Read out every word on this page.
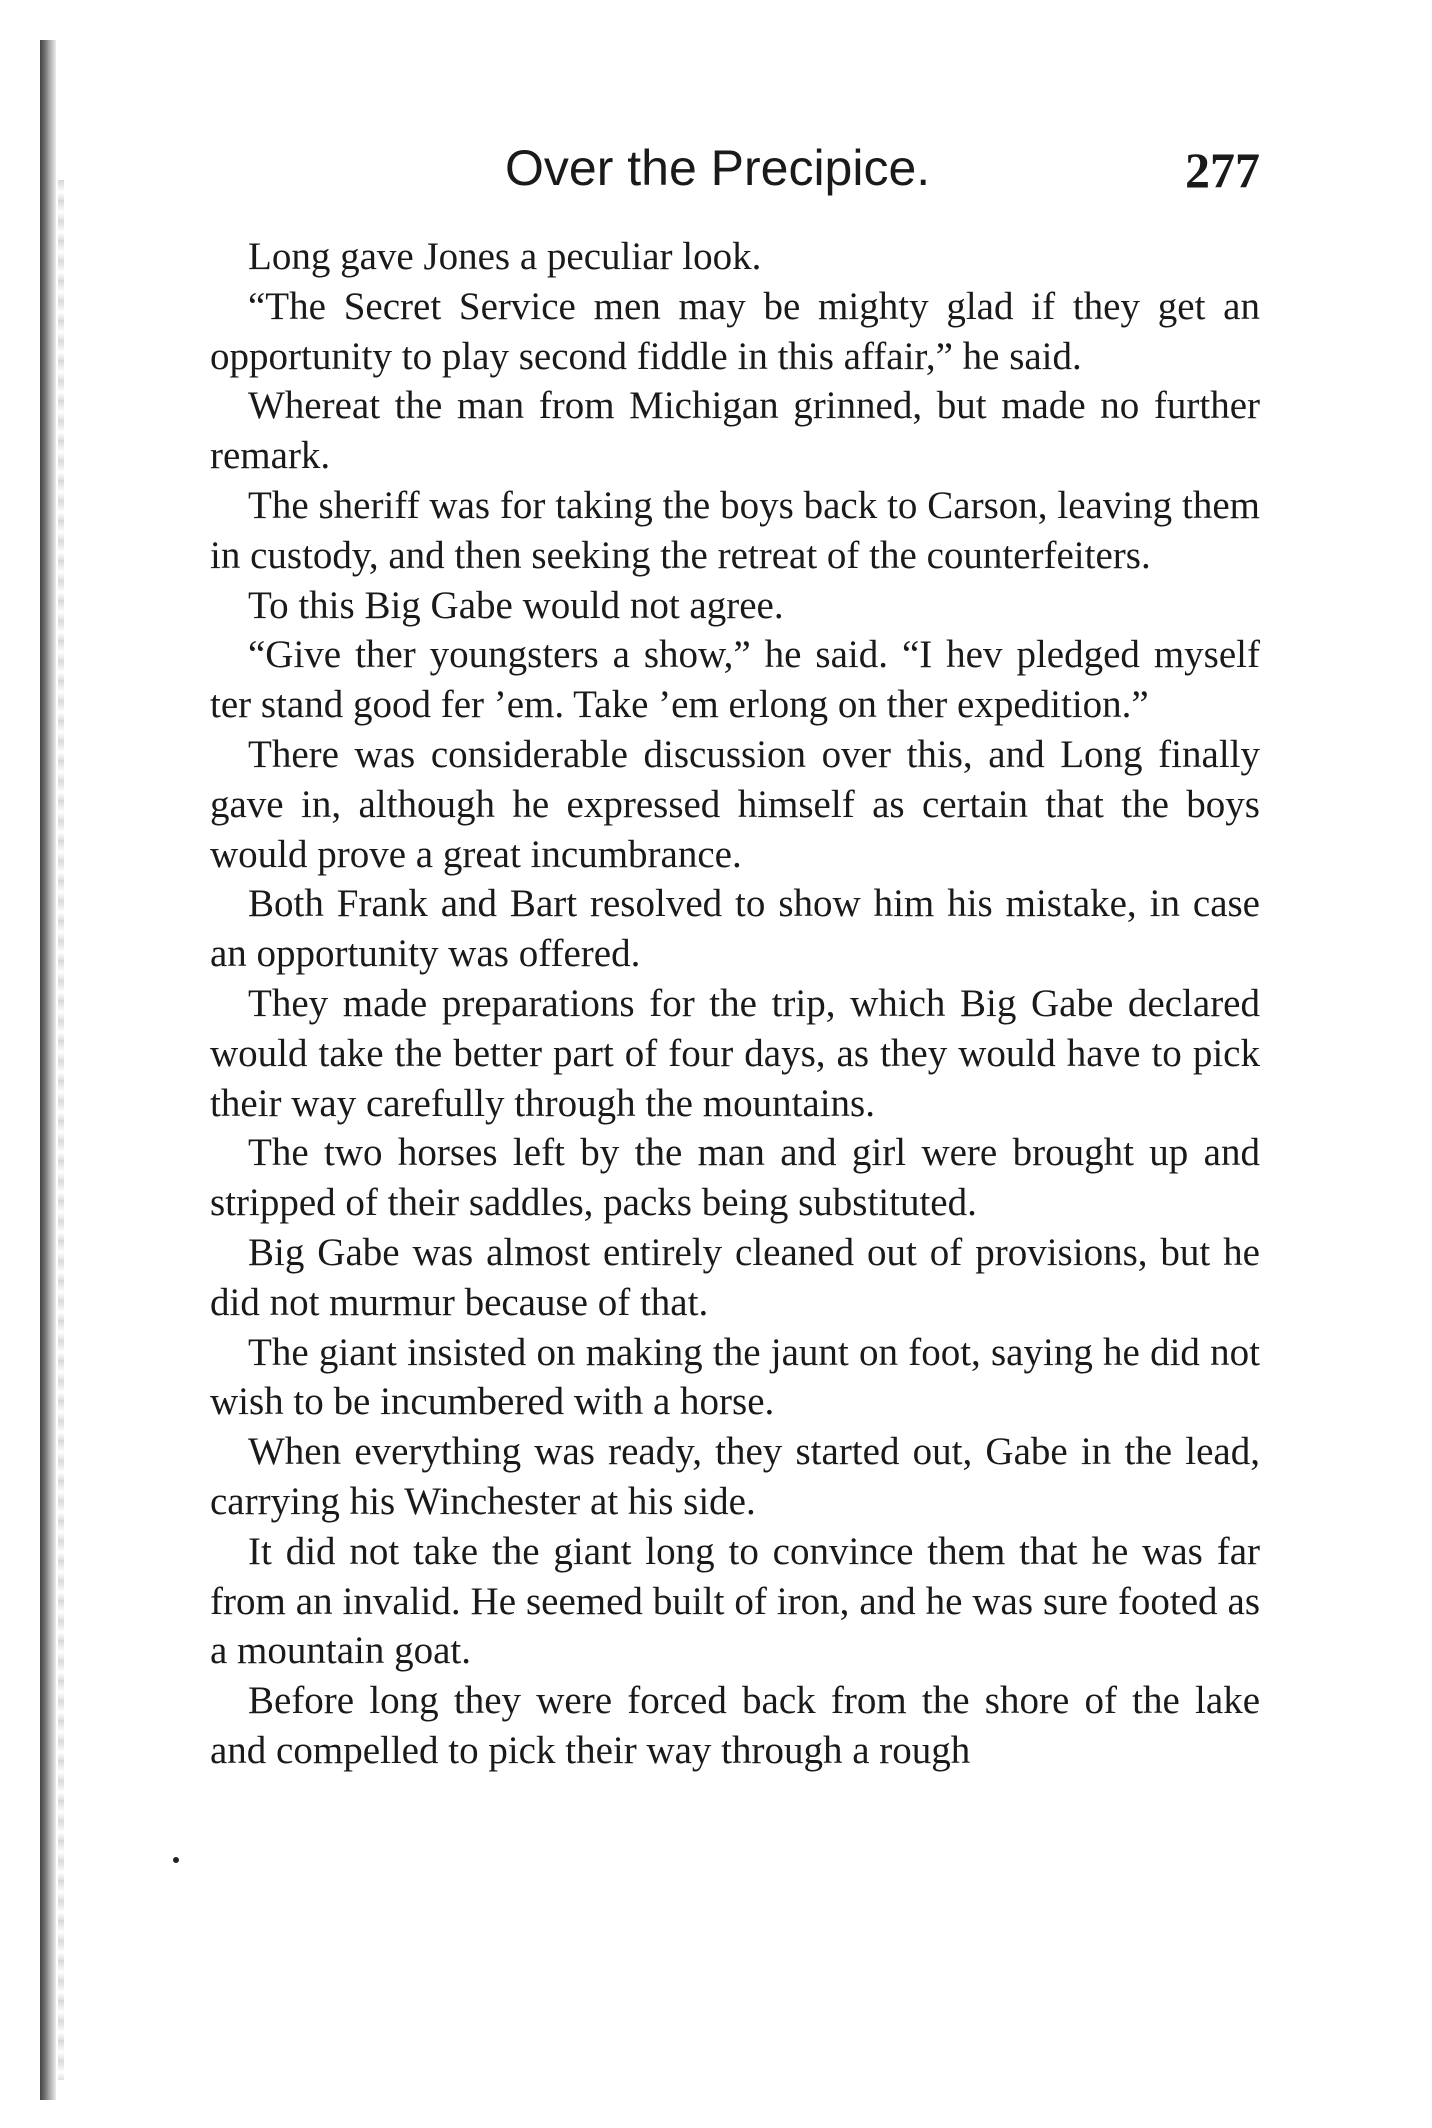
Over the Precipice.	277

Long gave Jones a peculiar look.

“The Secret Service men may be mighty glad if they get an opportunity to play second fiddle in this affair,” he said.

Whereat the man from Michigan grinned, but made no further remark.

The sheriff was for taking the boys back to Carson, leaving them in custody, and then seeking the retreat of the counterfeiters.

To this Big Gabe would not agree.

“Give ther youngsters a show,” he said. “I hev pledged myself ter stand good fer ’em. Take ’em erlong on ther expedition.”

There was considerable discussion over this, and Long finally gave in, although he expressed himself as certain that the boys would prove a great incumbrance.

Both Frank and Bart resolved to show him his mistake, in case an opportunity was offered.

They made preparations for the trip, which Big Gabe declared would take the better part of four days, as they would have to pick their way carefully through the mountains.

The two horses left by the man and girl were brought up and stripped of their saddles, packs being substituted.

Big Gabe was almost entirely cleaned out of provisions, but he did not murmur because of that.

The giant insisted on making the jaunt on foot, saying he did not wish to be incumbered with a horse.

When everything was ready, they started out, Gabe in the lead, carrying his Winchester at his side.

It did not take the giant long to convince them that he was far from an invalid. He seemed built of iron, and he was sure footed as a mountain goat.

Before long they were forced back from the shore of the lake and compelled to pick their way through a rough
